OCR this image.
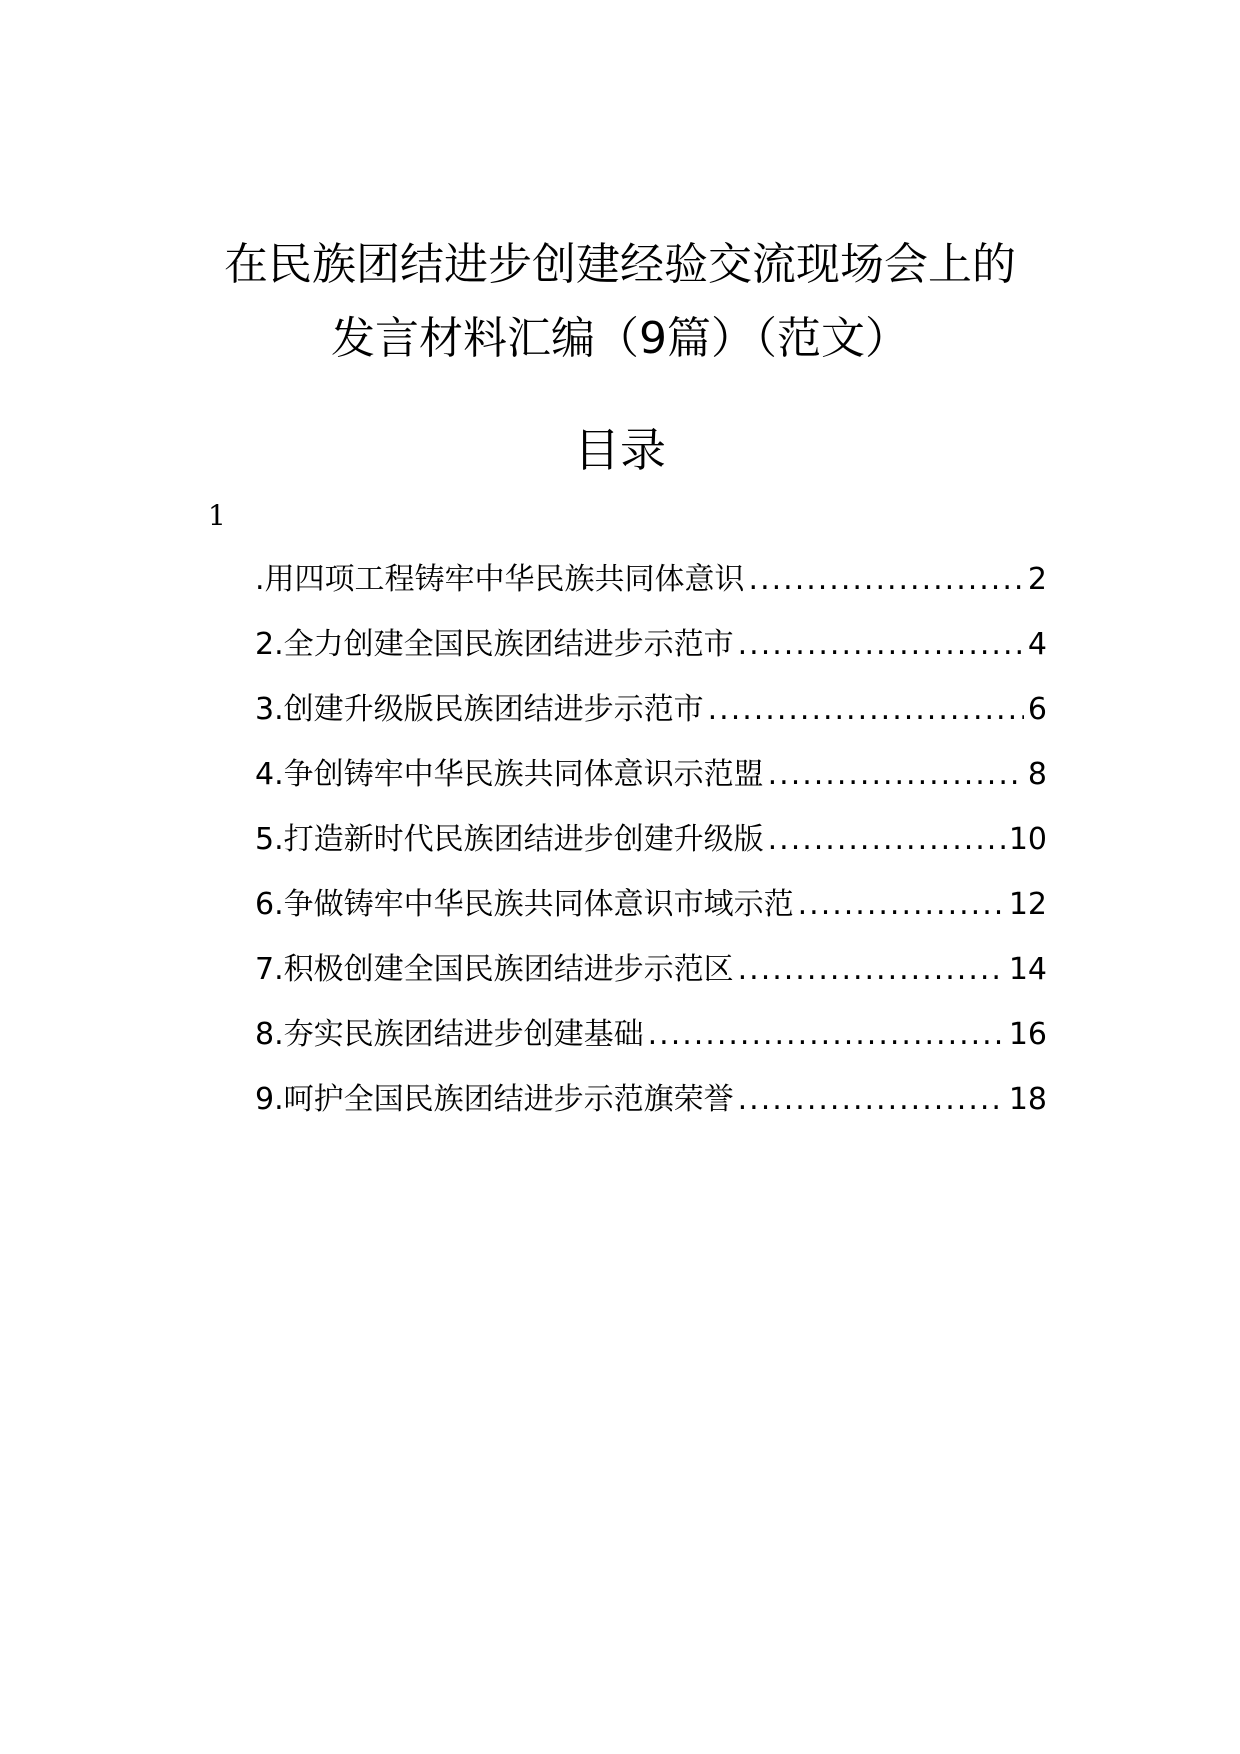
在民族团结进步创建经验交流现场会上的
发言材料汇编（9篇）（范文）
目录
1
.用四项工程铸牢中华民族共同体意识 .....	2
2.全力创建全国民族团结进步示范市 .....	4
3.创建升级版民族团结进步示范市 .....	6
4.争创铸牢中华民族共同体意识示范盟 .....	8
5.打造新时代民族团结进步创建升级版 .....	10
6.争做铸牢中华民族共同体意识市域示范 .....	12
7.积极创建全国民族团结进步示范区 .....	14
8.夯实民族团结进步创建基础 .....	16
9.呵护全国民族团结进步示范旗荣誉 .....	18
